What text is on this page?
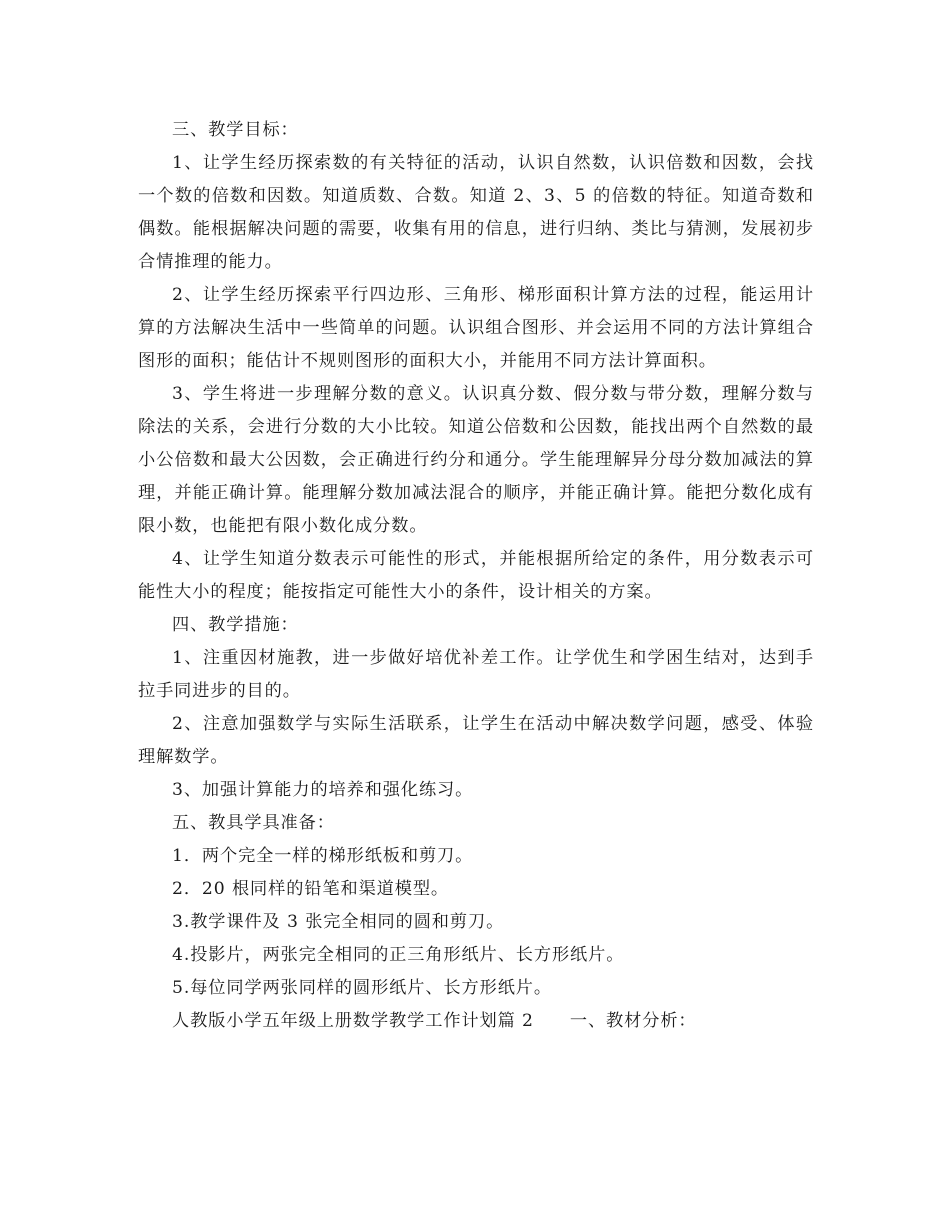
三、教学目标：

1、让学生经历探索数的有关特征的活动，认识自然数，认识倍数和因数，会找一个数的倍数和因数。知道质数、合数。知道 2、3、5 的倍数的特征。知道奇数和偶数。能根据解决问题的需要，收集有用的信息，进行归纳、类比与猜测，发展初步合情推理的能力。

2、让学生经历探索平行四边形、三角形、梯形面积计算方法的过程，能运用计算的方法解决生活中一些简单的问题。认识组合图形、并会运用不同的方法计算组合图形的面积；能估计不规则图形的面积大小，并能用不同方法计算面积。

3、学生将进一步理解分数的意义。认识真分数、假分数与带分数，理解分数与除法的关系，会进行分数的大小比较。知道公倍数和公因数，能找出两个自然数的最小公倍数和最大公因数，会正确进行约分和通分。学生能理解异分母分数加减法的算理，并能正确计算。能理解分数加减法混合的顺序，并能正确计算。能把分数化成有限小数，也能把有限小数化成分数。

4、让学生知道分数表示可能性的形式，并能根据所给定的条件，用分数表示可能性大小的程度；能按指定可能性大小的条件，设计相关的方案。

四、教学措施：

1、注重因材施教，进一步做好培优补差工作。让学优生和学困生结对，达到手拉手同进步的目的。

2、注意加强数学与实际生活联系，让学生在活动中解决数学问题，感受、体验理解数学。

3、加强计算能力的培养和强化练习。

五、教具学具准备：

1．两个完全一样的梯形纸板和剪刀。

2．20 根同样的铅笔和渠道模型。

3.教学课件及 3 张完全相同的圆和剪刀。

4.投影片，两张完全相同的正三角形纸片、长方形纸片。

5.每位同学两张同样的圆形纸片、长方形纸片。

人教版小学五年级上册数学教学工作计划篇 2 一、教材分析：
